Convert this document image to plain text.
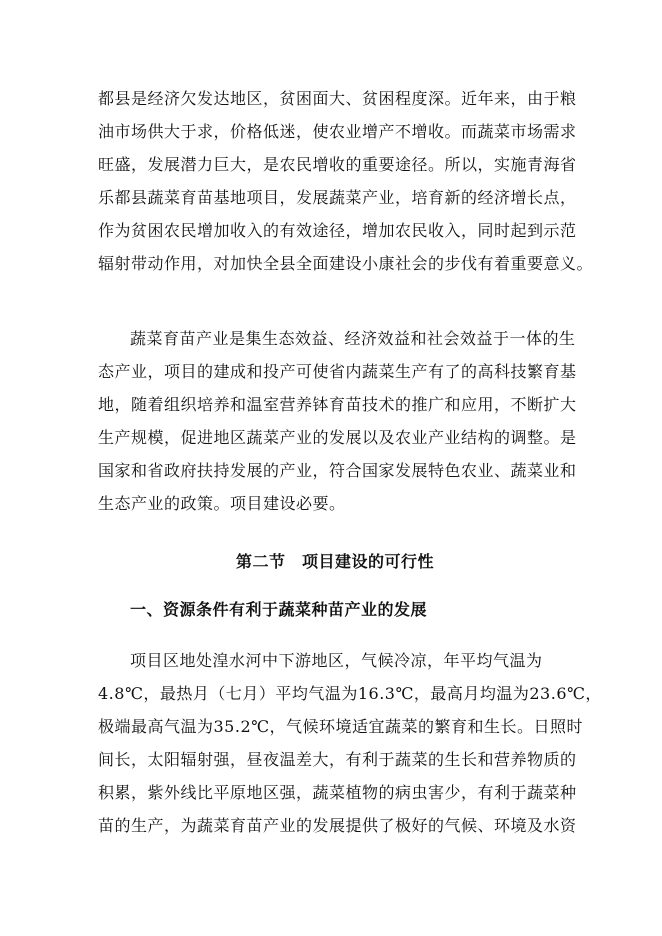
都县是经济欠发达地区，贫困面大、贫困程度深。近年来，由于粮
油市场供大于求，价格低迷，使农业增产不增收。而蔬菜市场需求
旺盛，发展潜力巨大，是农民增收的重要途径。所以，实施青海省
乐都县蔬菜育苗基地项目，发展蔬菜产业，培育新的经济增长点，
作为贫困农民增加收入的有效途径，增加农民收入，同时起到示范
辐射带动作用，对加快全县全面建设小康社会的步伐有着重要意义。
蔬菜育苗产业是集生态效益、经济效益和社会效益于一体的生
态产业，项目的建成和投产可使省内蔬菜生产有了的高科技繁育基
地，随着组织培养和温室营养钵育苗技术的推广和应用，不断扩大
生产规模，促进地区蔬菜产业的发展以及农业产业结构的调整。是
国家和省政府扶持发展的产业，符合国家发展特色农业、蔬菜业和
生态产业的政策。项目建设必要。
第二节　项目建设的可行性
一、资源条件有利于蔬菜种苗产业的发展
项目区地处湟水河中下游地区，气候冷凉，年平均气温为
4.8℃，最热月（七月）平均气温为16.3℃，最高月均温为23.6℃，
极端最高气温为35.2℃，气候环境适宜蔬菜的繁育和生长。日照时
间长，太阳辐射强，昼夜温差大，有利于蔬菜的生长和营养物质的
积累，紫外线比平原地区强，蔬菜植物的病虫害少，有利于蔬菜种
苗的生产，为蔬菜育苗产业的发展提供了极好的气候、环境及水资
